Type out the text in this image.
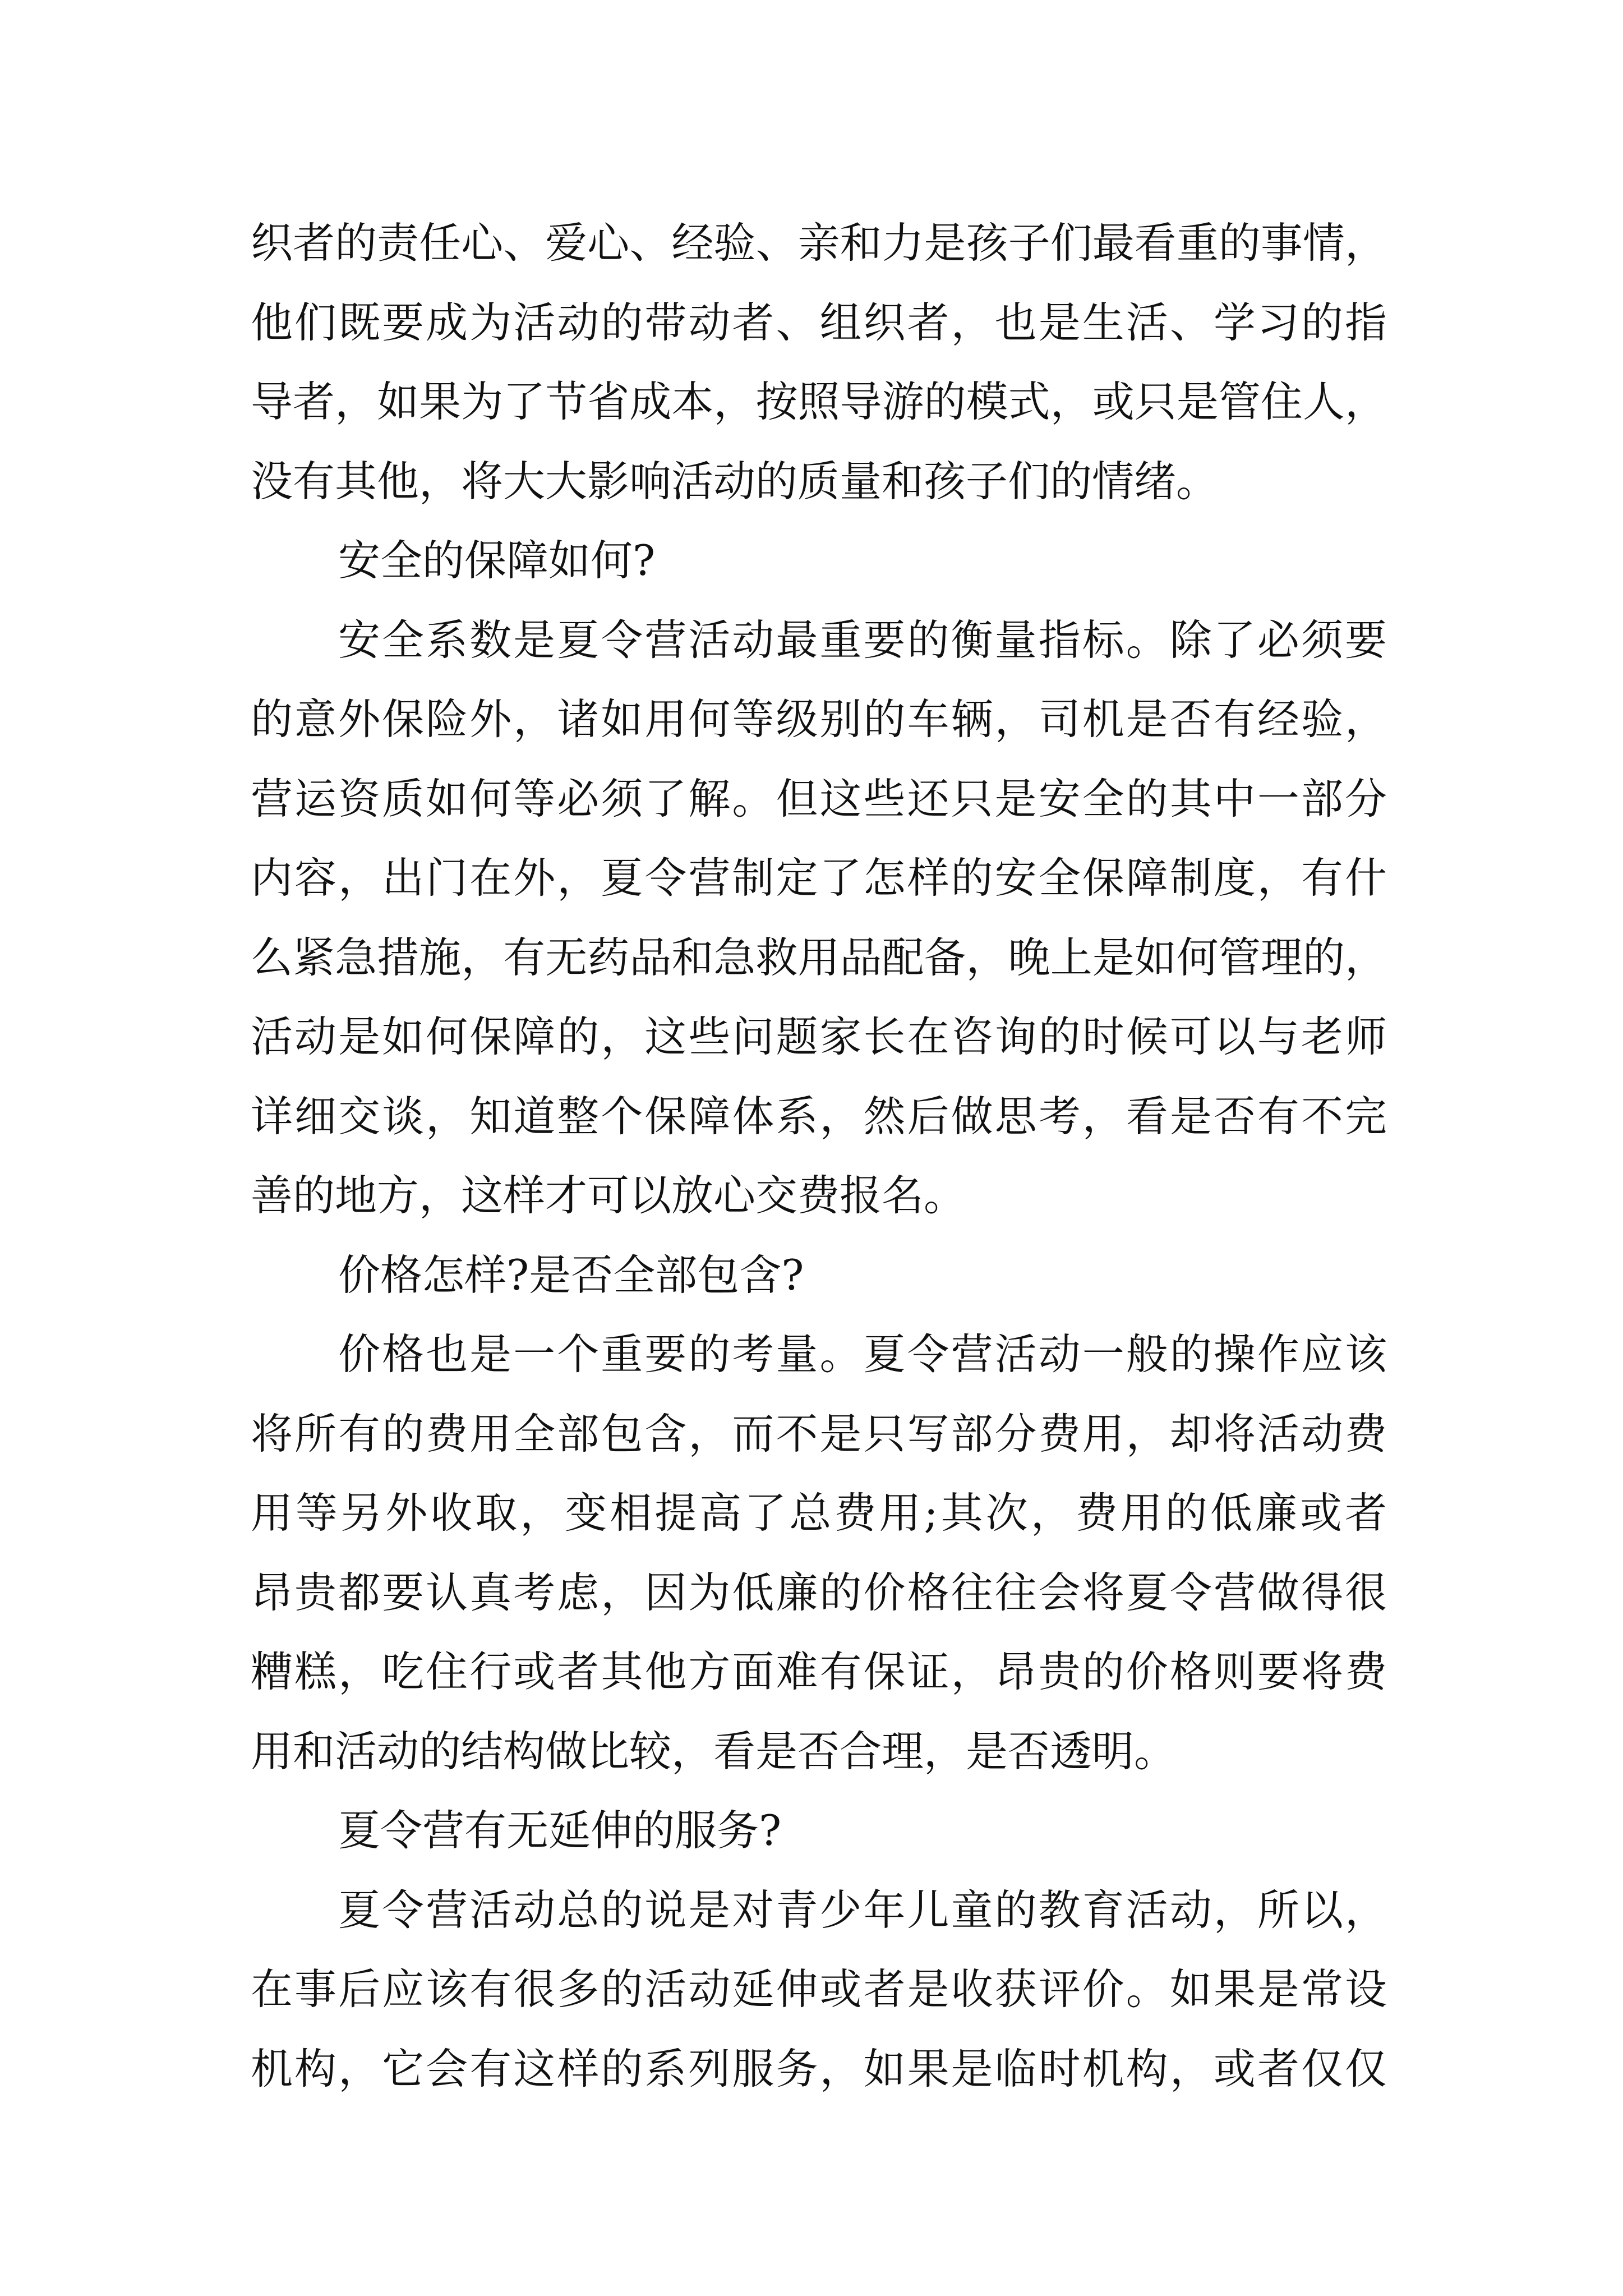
织者的责任心、爱心、经验、亲和力是孩子们最看重的事情，
他们既要成为活动的带动者、组织者，也是生活、学习的指
导者，如果为了节省成本，按照导游的模式，或只是管住人，
没有其他，将大大影响活动的质量和孩子们的情绪。
安全的保障如何?
安全系数是夏令营活动最重要的衡量指标。除了必须要
的意外保险外，诸如用何等级别的车辆，司机是否有经验，
营运资质如何等必须了解。但这些还只是安全的其中一部分
内容，出门在外，夏令营制定了怎样的安全保障制度，有什
么紧急措施，有无药品和急救用品配备，晚上是如何管理的，
活动是如何保障的，这些问题家长在咨询的时候可以与老师
详细交谈，知道整个保障体系，然后做思考，看是否有不完
善的地方，这样才可以放心交费报名。
价格怎样?是否全部包含?
价格也是一个重要的考量。夏令营活动一般的操作应该
将所有的费用全部包含，而不是只写部分费用，却将活动费
用等另外收取，变相提高了总费用;其次，费用的低廉或者
昂贵都要认真考虑，因为低廉的价格往往会将夏令营做得很
糟糕，吃住行或者其他方面难有保证，昂贵的价格则要将费
用和活动的结构做比较，看是否合理，是否透明。
夏令营有无延伸的服务?
夏令营活动总的说是对青少年儿童的教育活动，所以，
在事后应该有很多的活动延伸或者是收获评价。如果是常设
机构，它会有这样的系列服务，如果是临时机构，或者仅仅
